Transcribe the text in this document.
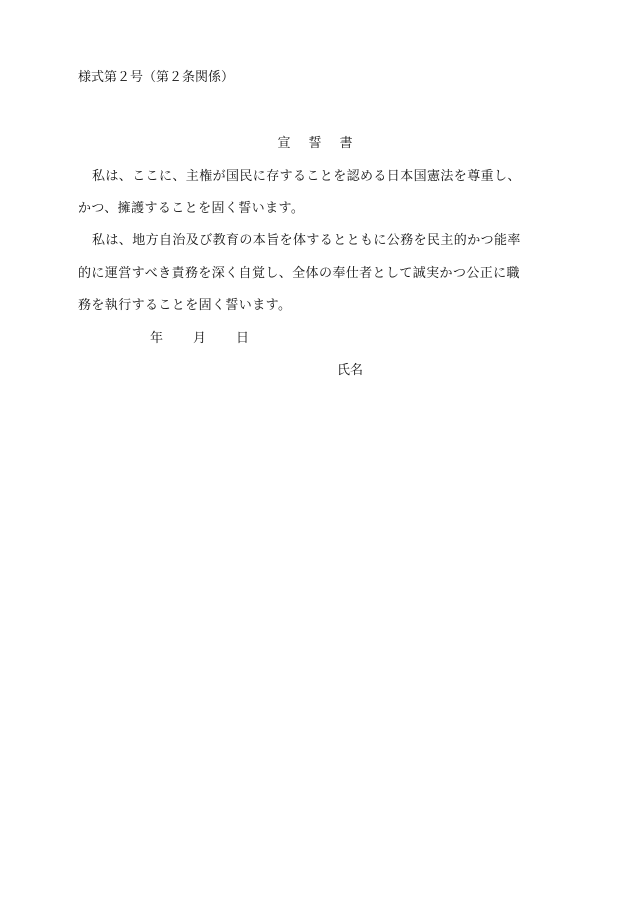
様式第２号（第２条関係）
宣誓書
私は、ここに、主権が国民に存することを認める日本国憲法を尊重し、
かつ、擁護することを固く誓います。
私は、地方自治及び教育の本旨を体するとともに公務を民主的かつ能率
的に運営すべき責務を深く自覚し、全体の奉仕者として誠実かつ公正に職
務を執行することを固く誓います。
年 月 日
氏名
